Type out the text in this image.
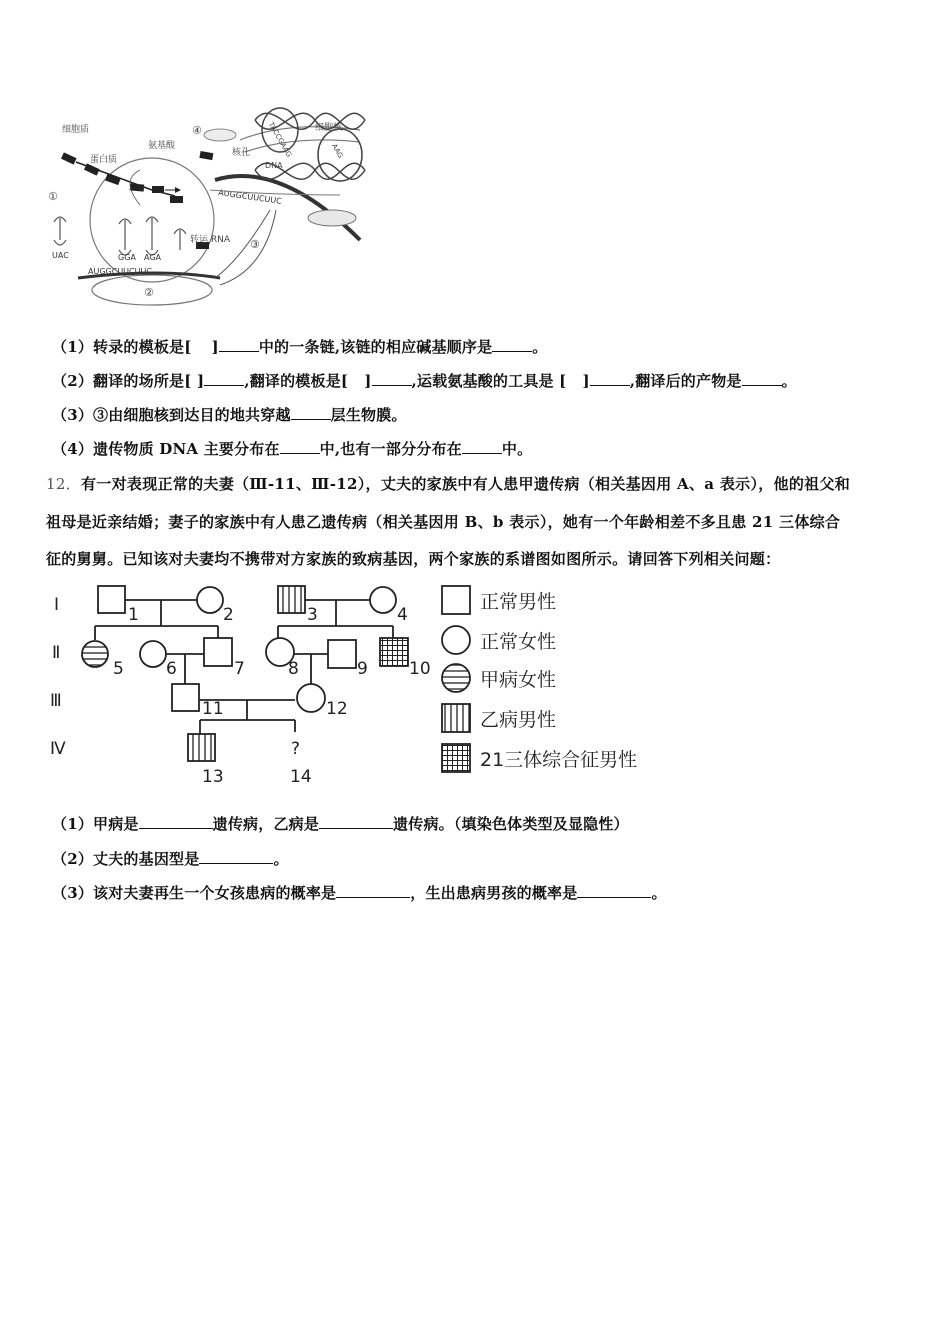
TACCGAAG	AAG
AUGGCUUCUUC
AUGGCUUCUUC
UAC	GGA AGA
细胞质
蛋白质
氨基酸
核孔
细胞核
DNA
转运 RNA
①
②
③
④
（1）转录的模板是[ ]	中的一条链,该链的相应碱基顺序是	。
（2）翻译的场所是[ ]	,翻译的模板是[ ]	,运载氨基酸的工具是 [ ]	,翻译后的产物是	。
（3）③由细胞核到达目的地共穿越	层生物膜。
（4）遗传物质 DNA 主要分布在	中,也有一部分分布在	中。
12．有一对表现正常的夫妻（Ⅲ-11、Ⅲ-12），丈夫的家族中有人患甲遗传病（相关基因用 A、a 表示），他的祖父和
祖母是近亲结婚；妻子的家族中有人患乙遗传病（相关基因用 B、b 表示），她有一个年龄相差不多且患 21 三体综合
征的舅舅。已知该对夫妻均不携带对方家族的致病基因，两个家族的系谱图如图所示。请回答下列相关问题：
Ⅰ
Ⅱ
Ⅲ
Ⅳ
1	2	3	4
5 6	7	8	9 10
11	12
13	14
?
正常男性
正常女性
甲病女性
乙病男性
21三体综合征男性
（1）甲病是	遗传病，乙病是	遗传病。（填染色体类型及显隐性）
（2）丈夫的基因型是	。
（3）该对夫妻再生一个女孩患病的概率是	，生出患病男孩的概率是	。
